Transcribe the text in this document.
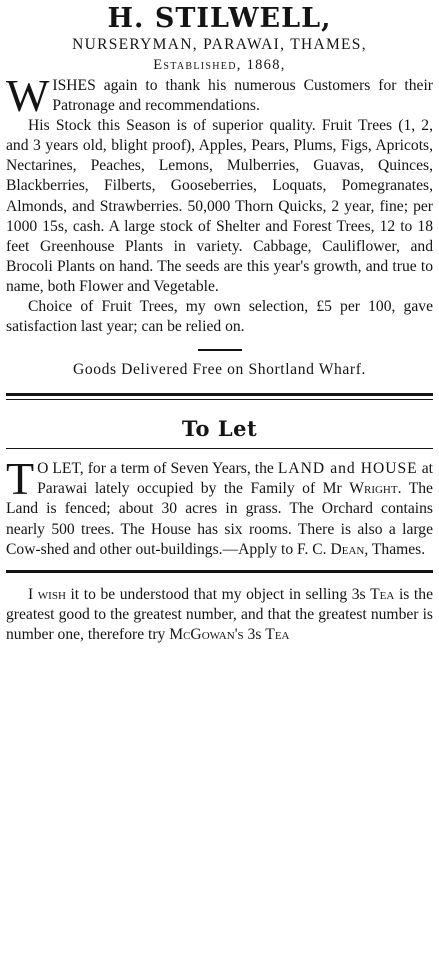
H. STILWELL,
NURSERYMAN, PARAWAI, THAMES,
Established, 1868,

WISHES again to thank his numerous Customers for their Patronage and recommendations.

His Stock this Season is of superior quality. Fruit Trees (1, 2, and 3 years old, blight proof), Apples, Pears, Plums, Figs, Apricots, Nectarines, Peaches, Lemons, Mulberries, Guavas, Quinces, Blackberries, Filberts, Gooseberries, Loquats, Pomegranates, Almonds, and Strawberries. 50,000 Thorn Quicks, 2 year, fine; per 1000 15s, cash. A large stock of Shelter and Forest Trees, 12 to 18 feet Greenhouse Plants in variety. Cabbage, Cauliflower, and Brocoli Plants on hand. The seeds are this year's growth, and true to name, both Flower and Vegetable.

Choice of Fruit Trees, my own selection, £5 per 100, gave satisfaction last year; can be relied on.

Goods Delivered Free on Shortland Wharf.
To Let

T O LET, for a term of Seven Years, the LAND and HOUSE at Parawai lately occupied by the Family of Mr Wright. The Land is fenced; about 30 acres in grass. The Orchard contains nearly 500 trees. The House has six rooms. There is also a large Cow-shed and other out-buildings.—Apply to F. C. Dean, Thames.

I wish it to be understood that my object in selling 3s Tea is the greatest good to the greatest number, and that the greatest number is number one, therefore try McGowan's 3s Tea
